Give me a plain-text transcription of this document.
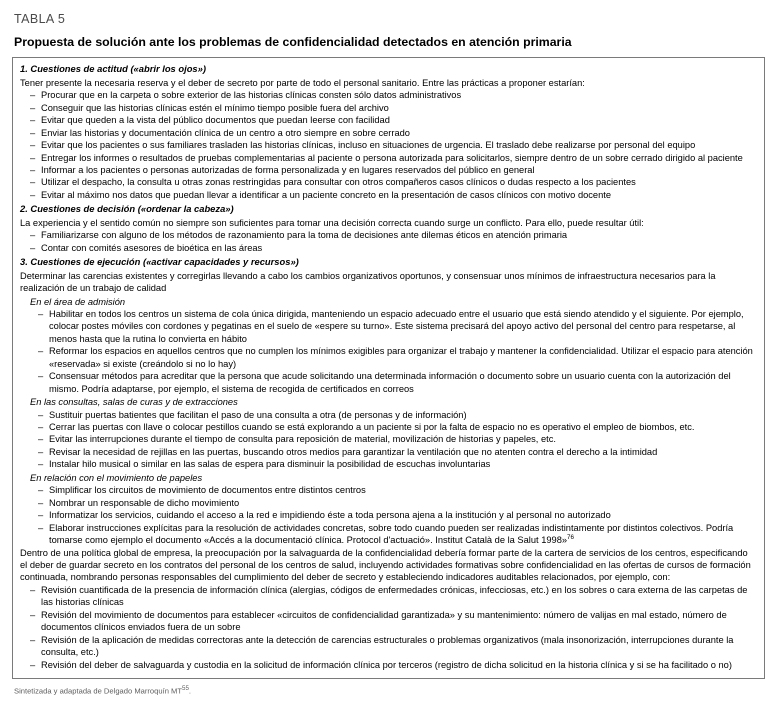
TABLA 5
Propuesta de solución ante los problemas de confidencialidad detectados en atención primaria
1. Cuestiones de actitud («abrir los ojos»)
Tener presente la necesaria reserva y el deber de secreto por parte de todo el personal sanitario. Entre las prácticas a proponer estarían:
– Procurar que en la carpeta o sobre exterior de las historias clínicas consten sólo datos administrativos
– Conseguir que las historias clínicas estén el mínimo tiempo posible fuera del archivo
– Evitar que queden a la vista del público documentos que puedan leerse con facilidad
– Enviar las historias y documentación clínica de un centro a otro siempre en sobre cerrado
– Evitar que los pacientes o sus familiares trasladen las historias clínicas, incluso en situaciones de urgencia. El traslado debe realizarse por personal del equipo
– Entregar los informes o resultados de pruebas complementarias al paciente o persona autorizada para solicitarlos, siempre dentro de un sobre cerrado dirigido al paciente
– Informar a los pacientes o personas autorizadas de forma personalizada y en lugares reservados del público en general
– Utilizar el despacho, la consulta u otras zonas restringidas para consultar con otros compañeros casos clínicos o dudas respecto a los pacientes
– Evitar al máximo nos datos que puedan llevar a identificar a un paciente concreto en la presentación de casos clínicos con motivo docente
2. Cuestiones de decisión («ordenar la cabeza»)
La experiencia y el sentido común no siempre son suficientes para tomar una decisión correcta cuando surge un conflicto. Para ello, puede resultar útil:
– Familiarizarse con alguno de los métodos de razonamiento para la toma de decisiones ante dilemas éticos en atención primaria
– Contar con comités asesores de bioética en las áreas
3. Cuestiones de ejecución («activar capacidades y recursos»)
Determinar las carencias existentes y corregirlas llevando a cabo los cambios organizativos oportunos, y consensuar unos mínimos de infraestructura necesarios para la realización de un trabajo de calidad
En el área de admisión
– Habilitar en todos los centros un sistema de cola única dirigida, manteniendo un espacio adecuado entre el usuario que está siendo atendido y el siguiente. Por ejemplo, colocar postes móviles con cordones y pegatinas en el suelo de «espere su turno». Este sistema precisará del apoyo activo del personal del centro para respetarse, al menos hasta que la rutina lo convierta en hábito
– Reformar los espacios en aquellos centros que no cumplen los mínimos exigibles para organizar el trabajo y mantener la confidencialidad. Utilizar el espacio para atención «reservada» si existe (creándolo si no lo hay)
– Consensuar métodos para acreditar que la persona que acude solicitando una determinada información o documento sobre un usuario cuenta con la autorización del mismo. Podría adaptarse, por ejemplo, el sistema de recogida de certificados en correos
En las consultas, salas de curas y de extracciones
– Sustituir puertas batientes que facilitan el paso de una consulta a otra (de personas y de información)
– Cerrar las puertas con llave o colocar pestillos cuando se está explorando a un paciente si por la falta de espacio no es operativo el empleo de biombos, etc.
– Evitar las interrupciones durante el tiempo de consulta para reposición de material, movilización de historias y papeles, etc.
– Revisar la necesidad de rejillas en las puertas, buscando otros medios para garantizar la ventilación que no atenten contra el derecho a la intimidad
– Instalar hilo musical o similar en las salas de espera para disminuir la posibilidad de escuchas involuntarias
En relación con el movimiento de papeles
– Simplificar los circuitos de movimiento de documentos entre distintos centros
– Nombrar un responsable de dicho movimiento
– Informatizar los servicios, cuidando el acceso a la red e impidiendo éste a toda persona ajena a la institución y al personal no autorizado
– Elaborar instrucciones explícitas para la resolución de actividades concretas, sobre todo cuando pueden ser realizadas indistintamente por distintos colectivos. Podría tomarse como ejemplo el documento «Accés a la documentació clínica. Protocol d'actuació». Institut Català de la Salut 1998»$^{76}$
Dentro de una política global de empresa, la preocupación por la salvaguarda de la confidencialidad debería formar parte de la cartera de servicios de los centros, especificando el deber de guardar secreto en los contratos del personal de los centros de salud, incluyendo actividades formativas sobre confidencialidad en las ofertas de cursos de formación continuada, nombrando personas responsables del cumplimiento del deber de secreto y estableciendo indicadores auditables relacionados, por ejemplo, con:
– Revisión cuantificada de la presencia de información clínica (alergias, códigos de enfermedades crónicas, infecciosas, etc.) en los sobres o cara externa de las carpetas de las historias clínicas
– Revisión del movimiento de documentos para establecer «circuitos de confidencialidad garantizada» y su mantenimiento: número de valijas en mal estado, número de documentos clínicos enviados fuera de un sobre
– Revisión de la aplicación de medidas correctoras ante la detección de carencias estructurales o problemas organizativos (mala insonorización, interrupciones durante la consulta, etc.)
– Revisión del deber de salvaguarda y custodia en la solicitud de información clínica por terceros (registro de dicha solicitud en la historia clínica y si se ha facilitado o no)
Sintetizada y adaptada de Delgado Marroquín MT$^{55}$.
